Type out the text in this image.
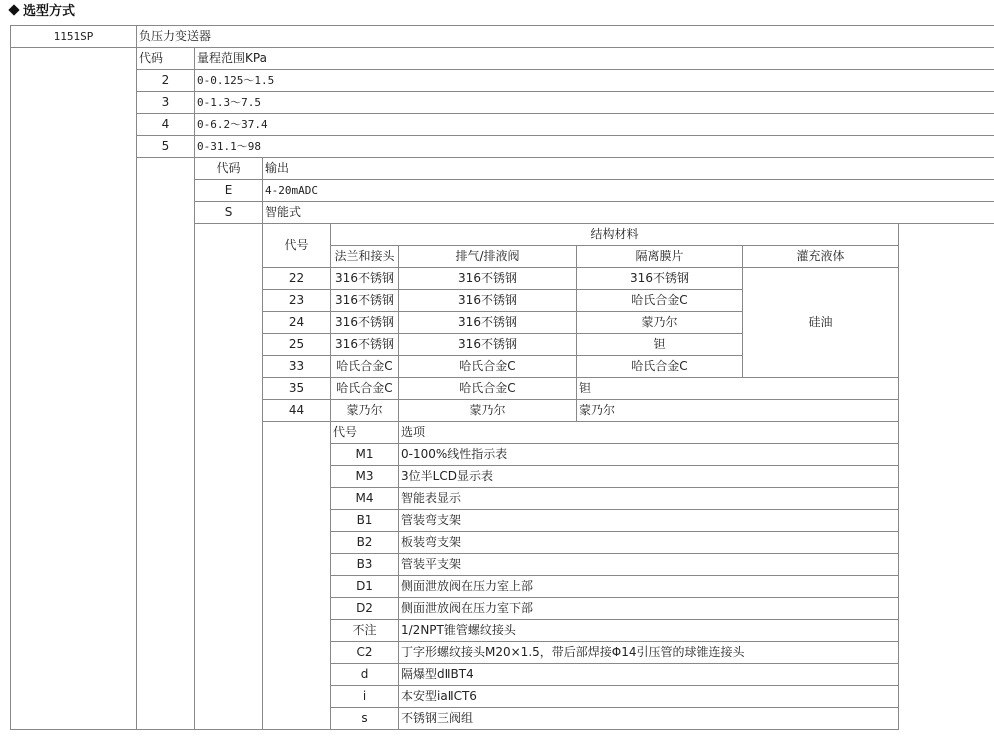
选型方式
1151SP	负压力变送器						
	代码	量程范围KPa					
	2	0-0.125～1.5					
	3	0-1.3～7.5					
	4	0-6.2～37.4					
	5	0-31.1～98					
		代码	输出				
		E	4-20mADC				
		S	智能式				
			代号	结构材料			
				法兰和接头	排气/排液阀	隔离膜片	灌充液体
			22	316不锈钢	316不锈钢	316不锈钢	硅油
			23	316不锈钢	316不锈钢	哈氏合金C	
			24	316不锈钢	316不锈钢	蒙乃尔	
			25	316不锈钢	316不锈钢	钽	
			33	哈氏合金C	哈氏合金C	哈氏合金C	
			35	哈氏合金C	哈氏合金C	钽	
			44	蒙乃尔	蒙乃尔	蒙乃尔	
				代号	选项		
				M1	0-100%线性指示表		
				M3	3位半LCD显示表		
				M4	智能表显示		
				B1	管装弯支架		
				B2	板装弯支架		
				B3	管装平支架		
				D1	侧面泄放阀在压力室上部		
				D2	侧面泄放阀在压力室下部		
				不注	1/2NPT锥管螺纹接头		
				C2	丁字形螺纹接头M20×1.5，带后部焊接Φ14引压管的球锥连接头		
				d	隔爆型dⅡBT4		
				i	本安型iaⅡCT6		
				s	不锈钢三阀组		
